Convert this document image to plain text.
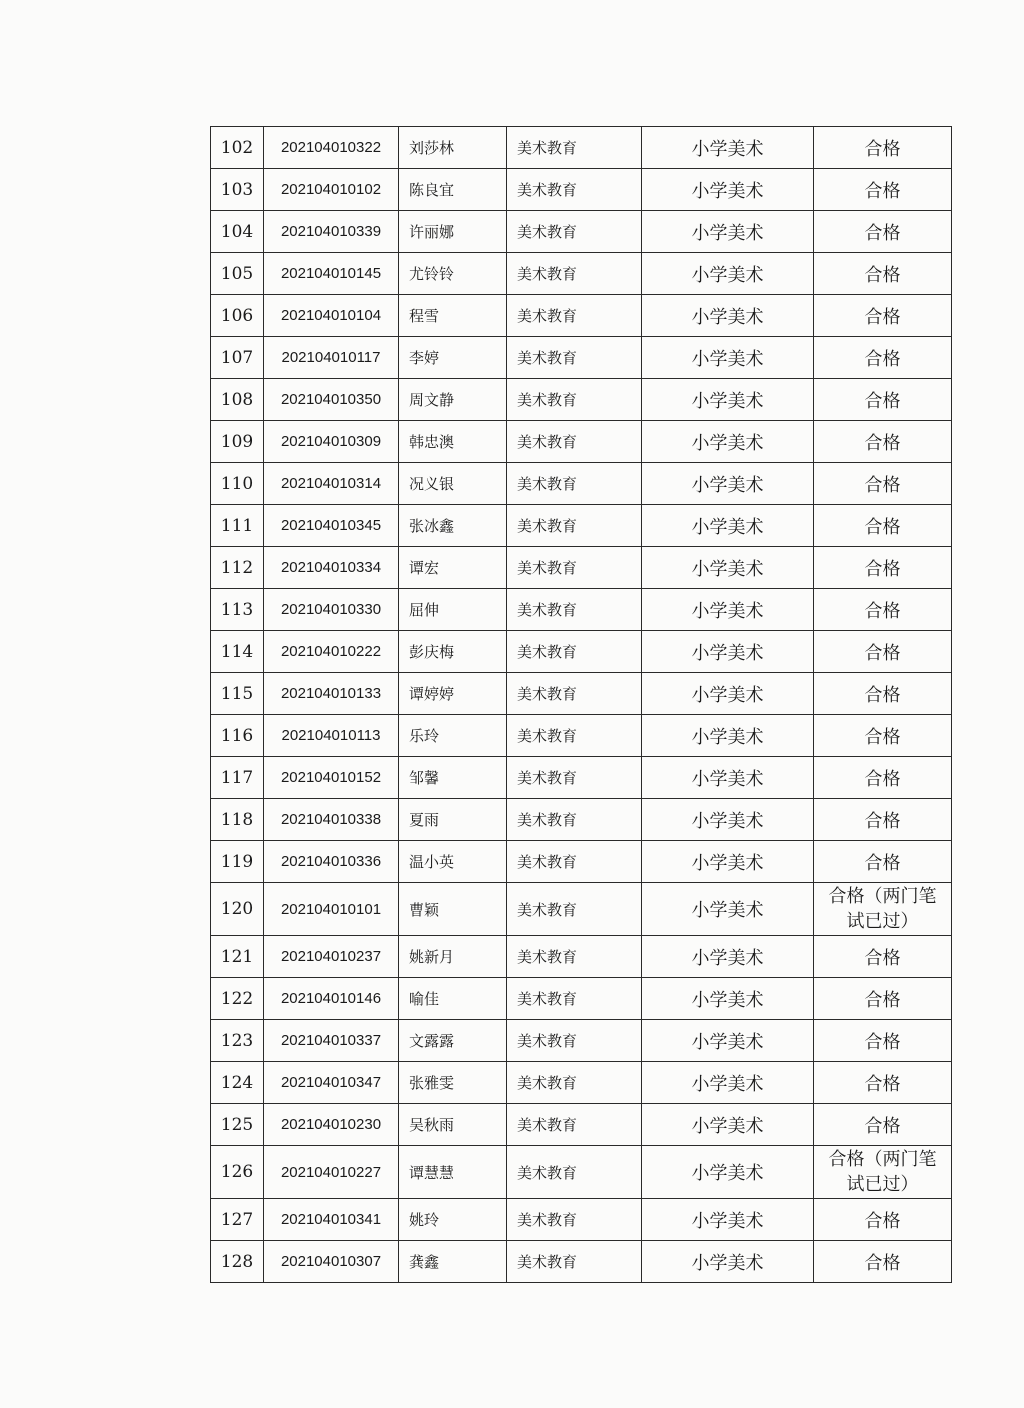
102	202104010322	刘莎林	美术教育	小学美术	合格
103	202104010102	陈良宜	美术教育	小学美术	合格
104	202104010339	许丽娜	美术教育	小学美术	合格
105	202104010145	尤铃铃	美术教育	小学美术	合格
106	202104010104	程雪	美术教育	小学美术	合格
107	202104010117	李婷	美术教育	小学美术	合格
108	202104010350	周文静	美术教育	小学美术	合格
109	202104010309	韩忠澳	美术教育	小学美术	合格
110	202104010314	况义银	美术教育	小学美术	合格
111	202104010345	张冰鑫	美术教育	小学美术	合格
112	202104010334	谭宏	美术教育	小学美术	合格
113	202104010330	屈伸	美术教育	小学美术	合格
114	202104010222	彭庆梅	美术教育	小学美术	合格
115	202104010133	谭婷婷	美术教育	小学美术	合格
116	202104010113	乐玲	美术教育	小学美术	合格
117	202104010152	邹馨	美术教育	小学美术	合格
118	202104010338	夏雨	美术教育	小学美术	合格
119	202104010336	温小英	美术教育	小学美术	合格
120	202104010101	曹颖	美术教育	小学美术	合格（两门笔试已过）
121	202104010237	姚新月	美术教育	小学美术	合格
122	202104010146	喻佳	美术教育	小学美术	合格
123	202104010337	文露露	美术教育	小学美术	合格
124	202104010347	张雅雯	美术教育	小学美术	合格
125	202104010230	吴秋雨	美术教育	小学美术	合格
126	202104010227	谭慧慧	美术教育	小学美术	合格（两门笔试已过）
127	202104010341	姚玲	美术教育	小学美术	合格
128	202104010307	龚鑫	美术教育	小学美术	合格
